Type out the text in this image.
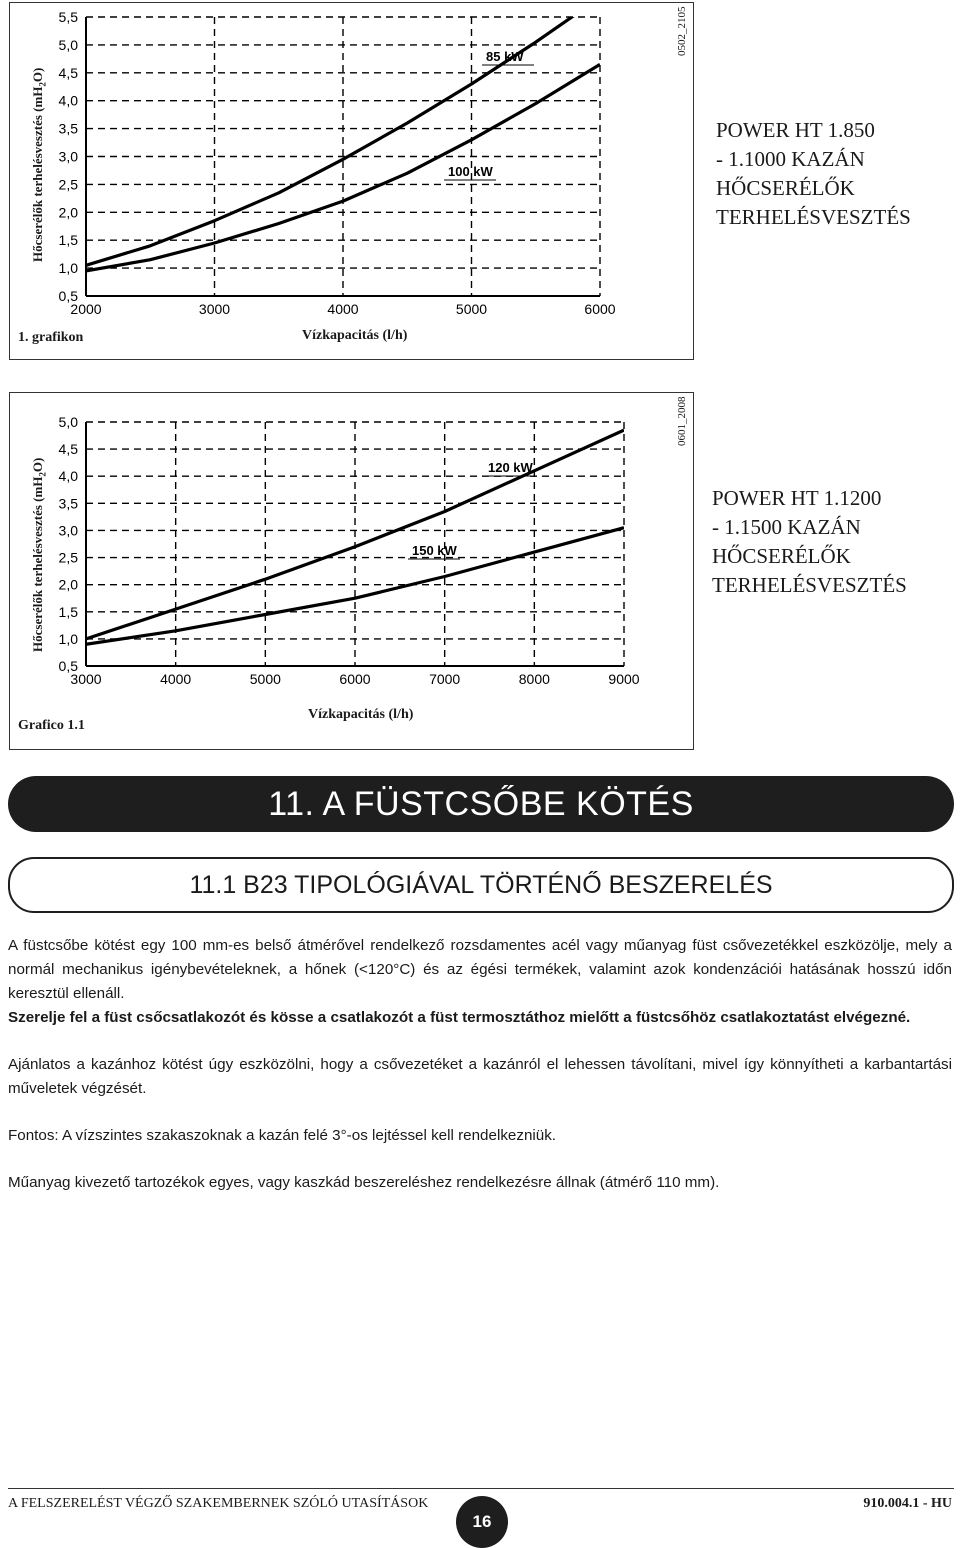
Hőcserélők terhelésvesztés $(mH_2O)$
2000	3000	4000	5000	6000
0,5
1,0
1,5
2,0
2,5
3,0
3,5
4,0
4,5
5,0
5,5
85 kW
100 kW
Vízkapacitás (l/h)
1. grafikon
0502_2105
POWER HT 1.850
- 1.1000 KAZÁN
HŐCSERÉLŐK
TERHELÉSVESZTÉS
Hőcserélők terhelésvesztés $(mH_2O)$
3000	4000	5000	6000	7000	8000	9000
0,5
1,0
1,5
2,0
2,5
3,0
3,5
4,0
4,5
5,0
120 kW
150 kW
Vízkapacitás (l/h)
Grafico 1.1
0601_2008
POWER HT 1.1200
- 1.1500 KAZÁN
HŐCSERÉLŐK
TERHELÉSVESZTÉS
11. A FÜSTCSŐBE KÖTÉS
11.1 B23 TIPOLÓGIÁVAL TÖRTÉNŐ BESZERELÉS
A füstcsőbe kötést egy 100 mm-es belső átmérővel rendelkező rozsdamentes acél vagy műanyag füst csővezetékkel eszközölje, mely a normál mechanikus igénybevételeknek, a hőnek (<120°C) és az égési termékek, valamint azok kondenzációi hatásának hosszú időn keresztül ellenáll.
Szerelje fel a füst csőcsatlakozót és kösse a csatlakozót a füst termosztáthoz mielőtt a füstcsőhöz csatlakoztatást elvégezné.
Ajánlatos a kazánhoz kötést úgy eszközölni, hogy a csővezetéket a kazánról el lehessen távolítani, mivel így könnyítheti a karbantartási műveletek végzését.
Fontos: A vízszintes szakaszoknak a kazán felé 3°-os lejtéssel kell rendelkezniük.
Műanyag kivezető tartozékok egyes, vagy kaszkád beszereléshez rendelkezésre állnak (átmérő 110 mm).
A FELSZERELÉST VÉGZŐ SZAKEMBERNEK SZÓLÓ UTASÍTÁSOK
16
910.004.1 - HU
